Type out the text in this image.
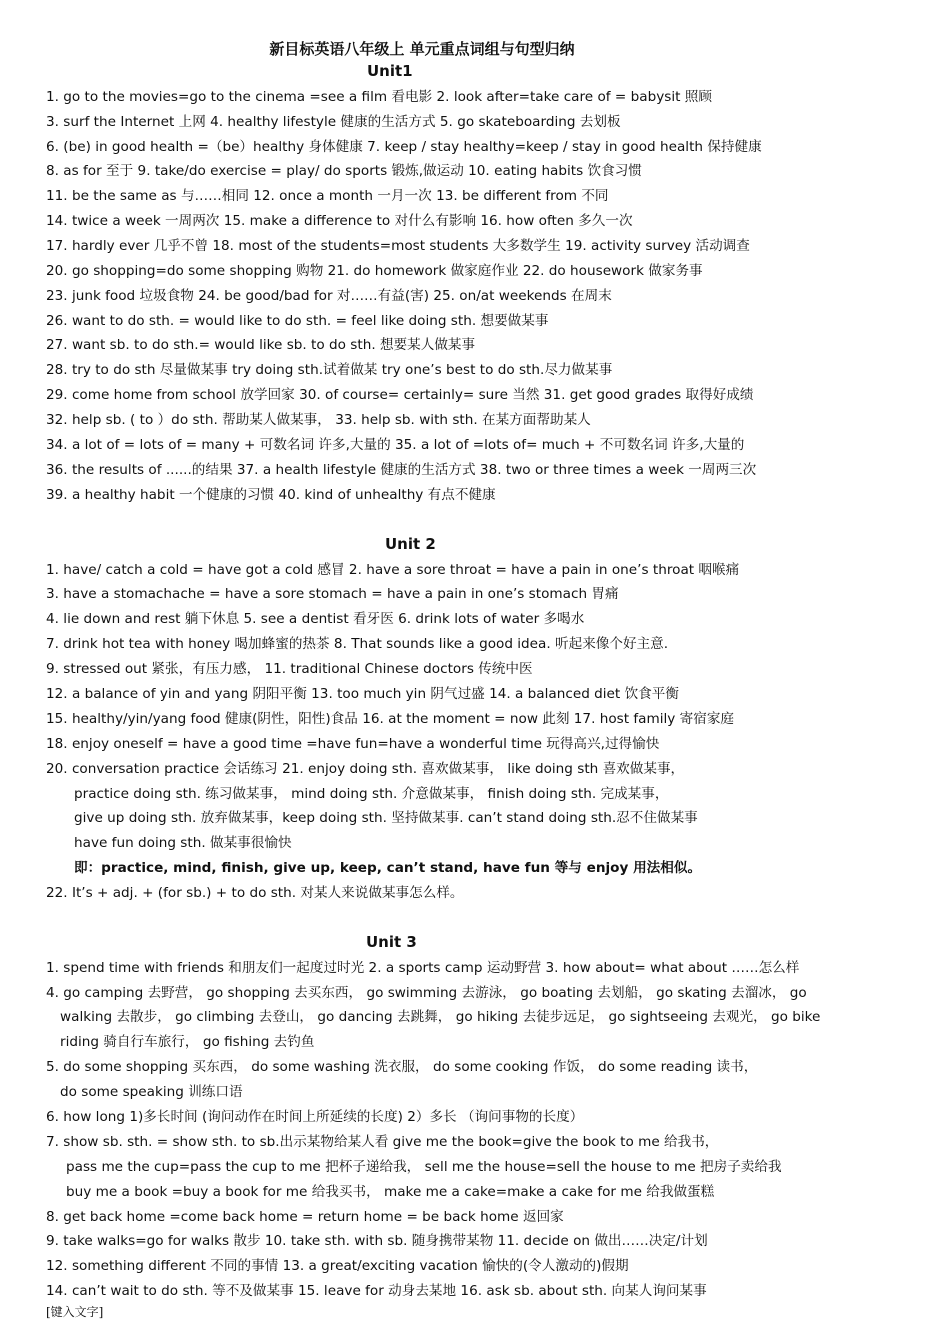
新目标英语八年级上 单元重点词组与句型归纳
Unit1
1. go to the movies=go to the cinema =see a film 看电影 2. look after=take care of = babysit 照顾
3. surf the Internet 上网 4. healthy lifestyle 健康的生活方式 5. go skateboarding 去划板
6. (be) in good health =（be）healthy 身体健康 7. keep / stay healthy=keep / stay in good health 保持健康
8. as for 至于 9. take/do exercise = play/ do sports 锻炼,做运动 10. eating habits 饮食习惯
11. be the same as 与……相同 12. once a month 一月一次 13. be different from 不同
14. twice a week 一周两次 15. make a difference to 对什么有影响 16. how often 多久一次
17. hardly ever 几乎不曾 18. most of the students=most students 大多数学生 19. activity survey 活动调查
20. go shopping=do some shopping 购物 21. do homework 做家庭作业 22. do housework 做家务事
23. junk food 垃圾食物 24. be good/bad for 对……有益(害) 25. on/at weekends 在周末
26. want to do sth. = would like to do sth. = feel like doing sth. 想要做某事
27. want sb. to do sth.= would like sb. to do sth. 想要某人做某事
28. try to do sth 尽量做某事 try doing sth.试着做某 try one’s best to do sth.尽力做某事
29. come home from school 放学回家 30. of course= certainly= sure 当然 31. get good grades 取得好成绩
32. help sb. ( to ）do sth. 帮助某人做某事， 33. help sb. with sth. 在某方面帮助某人
34. a lot of = lots of = many + 可数名词 许多,大量的 35. a lot of =lots of= much + 不可数名词 许多,大量的
36. the results of ......的结果 37. a health lifestyle 健康的生活方式 38. two or three times a week 一周两三次
39. a healthy habit 一个健康的习惯 40. kind of unhealthy 有点不健康
Unit 2
1. have/ catch a cold = have got a cold 感冒 2. have a sore throat = have a pain in one’s throat 咽喉痛
3. have a stomachache = have a sore stomach = have a pain in one’s stomach 胃痛
4. lie down and rest 躺下休息 5. see a dentist 看牙医 6. drink lots of water 多喝水
7. drink hot tea with honey 喝加蜂蜜的热茶 8. That sounds like a good idea. 听起来像个好主意.
9. stressed out 紧张，有压力感， 11. traditional Chinese doctors 传统中医
12. a balance of yin and yang 阴阳平衡 13. too much yin 阴气过盛 14. a balanced diet 饮食平衡
15. healthy/yin/yang food 健康(阴性，阳性)食品 16. at the moment = now 此刻 17. host family 寄宿家庭
18. enjoy oneself = have a good time =have fun=have a wonderful time 玩得高兴,过得愉快
20. conversation practice 会话练习 21. enjoy doing sth. 喜欢做某事， like doing sth 喜欢做某事，
practice doing sth. 练习做某事， mind doing sth. 介意做某事， finish doing sth. 完成某事，
give up doing sth. 放弃做某事，keep doing sth. 坚持做某事. can’t stand doing sth.忍不住做某事
have fun doing sth. 做某事很愉快
即：practice, mind, finish, give up, keep, can’t stand, have fun 等与 enjoy 用法相似。
22. It’s + adj. + (for sb.) + to do sth. 对某人来说做某事怎么样。
Unit 3
1. spend time with friends 和朋友们一起度过时光 2. a sports camp 运动野营 3. how about= what about ……怎么样
4. go camping 去野营， go shopping 去买东西， go swimming 去游泳， go boating 去划船， go skating 去溜冰， go
walking 去散步， go climbing 去登山， go dancing 去跳舞， go hiking 去徒步远足， go sightseeing 去观光， go bike
riding 骑自行车旅行， go fishing 去钓鱼
5. do some shopping 买东西， do some washing 洗衣服， do some cooking 作饭， do some reading 读书，
do some speaking 训练口语
6. how long 1)多长时间 (询问动作在时间上所延续的长度) 2）多长 （询问事物的长度）
7. show sb. sth. = show sth. to sb.出示某物给某人看 give me the book=give the book to me 给我书，
pass me the cup=pass the cup to me 把杯子递给我， sell me the house=sell the house to me 把房子卖给我
buy me a book =buy a book for me 给我买书， make me a cake=make a cake for me 给我做蛋糕
8. get back home =come back home = return home = be back home 返回家
9. take walks=go for walks 散步 10. take sth. with sb. 随身携带某物 11. decide on 做出……决定/计划
12. something different 不同的事情 13. a great/exciting vacation 愉快的(令人激动的)假期
14. can’t wait to do sth. 等不及做某事 15. leave for 动身去某地 16. ask sb. about sth. 向某人询问某事
[键入文字]
